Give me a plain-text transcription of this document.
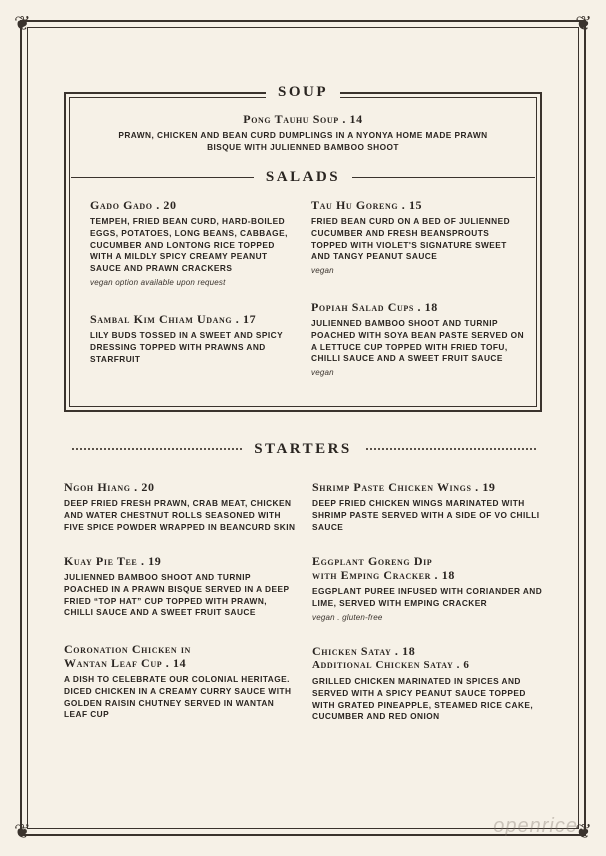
❦	❦
❦	❦
SOUP
Pong Tauhu Soup . 14
PRAWN, CHICKEN AND BEAN CURD DUMPLINGS IN A NYONYA HOME MADE PRAWN BISQUE WITH JULIENNED BAMBOO SHOOT
SALADS
Gado Gado . 20
TEMPEH, FRIED BEAN CURD, HARD-BOILED EGGS, POTATOES, LONG BEANS, CABBAGE, CUCUMBER AND LONTONG RICE TOPPED WITH A MILDLY SPICY CREAMY PEANUT SAUCE AND PRAWN CRACKERS
vegan option available upon request
Tau Hu Goreng . 15
FRIED BEAN CURD ON A BED OF JULIENNED CUCUMBER AND FRESH BEANSPROUTS TOPPED WITH VIOLET'S SIGNATURE SWEET AND TANGY PEANUT SAUCE
vegan
Sambal Kim Chiam Udang . 17
LILY BUDS TOSSED IN A SWEET AND SPICY DRESSING TOPPED WITH PRAWNS AND STARFRUIT
Popiah Salad Cups . 18
JULIENNED BAMBOO SHOOT AND TURNIP POACHED WITH SOYA BEAN PASTE SERVED ON A LETTUCE CUP TOPPED WITH FRIED TOFU, CHILLI SAUCE AND A SWEET FRUIT SAUCE
vegan
STARTERS
Ngoh Hiang . 20
DEEP FRIED FRESH PRAWN, CRAB MEAT, CHICKEN AND WATER CHESTNUT ROLLS SEASONED WITH FIVE SPICE POWDER WRAPPED IN BEANCURD SKIN
Shrimp Paste Chicken Wings . 19
DEEP FRIED CHICKEN WINGS MARINATED WITH SHRIMP PASTE SERVED WITH A SIDE OF VO CHILLI SAUCE
Kuay Pie Tee . 19
JULIENNED BAMBOO SHOOT AND TURNIP POACHED IN A PRAWN BISQUE SERVED IN A DEEP FRIED “TOP HAT” CUP TOPPED WITH PRAWN, CHILLI SAUCE AND A SWEET FRUIT SAUCE
Eggplant Goreng Dip
with Emping Cracker . 18
EGGPLANT PUREE INFUSED WITH CORIANDER AND LIME, SERVED WITH EMPING CRACKER
vegan . gluten-free
Coronation Chicken in
Wantan Leaf Cup . 14
A DISH TO CELEBRATE OUR COLONIAL HERITAGE. DICED CHICKEN IN A CREAMY CURRY SAUCE WITH GOLDEN RAISIN CHUTNEY SERVED IN WANTAN LEAF CUP
Chicken Satay . 18
Additional Chicken Satay . 6
GRILLED CHICKEN MARINATED IN SPICES AND SERVED WITH A SPICY PEANUT SAUCE TOPPED WITH GRATED PINEAPPLE, STEAMED RICE CAKE, CUCUMBER AND RED ONION
openrice
